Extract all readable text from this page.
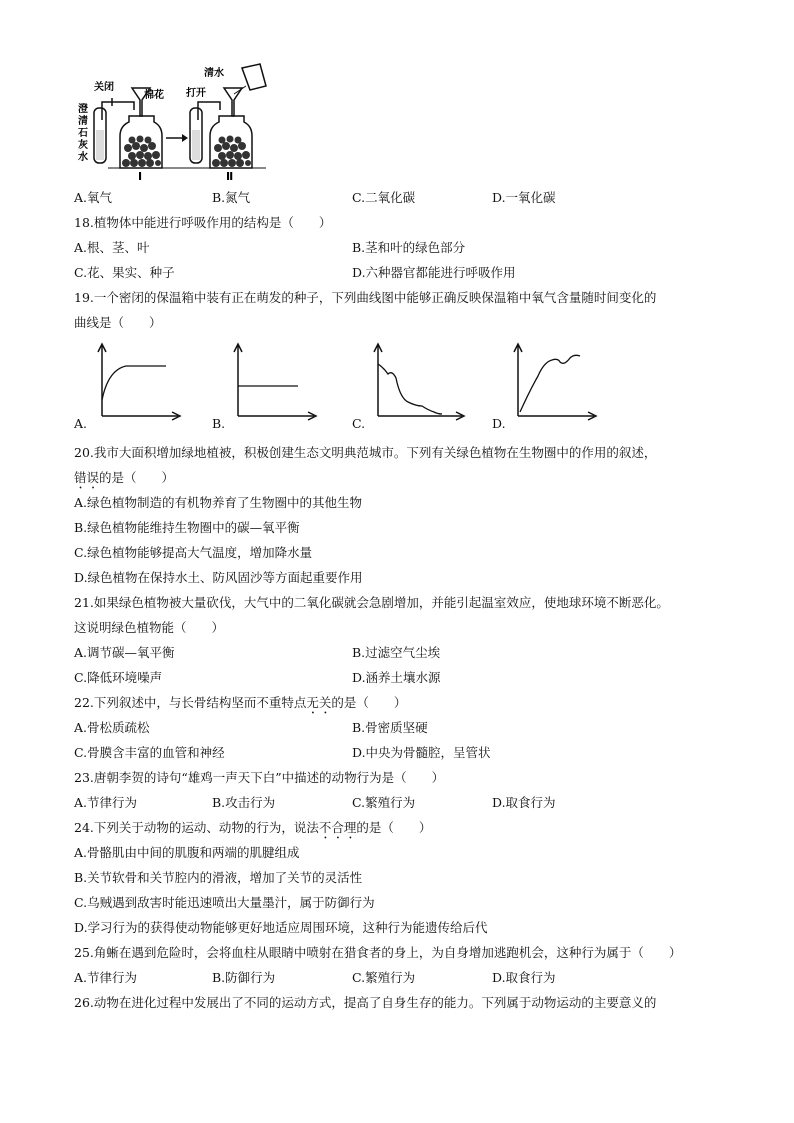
关闭
棉花
澄
清
石
灰
水
I
清水
打开
Ⅱ
A.氧气	B.氮气	C.二氧化碳	D.一氧化碳
18.植物体中能进行呼吸作用的结构是（　　）
A.根、茎、叶	B.茎和叶的绿色部分
C.花、果实、种子	D.六种器官都能进行呼吸作用
19.一个密闭的保温箱中装有正在萌发的种子，下列曲线图中能够正确反映保温箱中氧气含量随时间变化的
曲线是（　　）
A.	B.	C.	D.
20.我市大面积增加绿地植被，积极创建生态文明典范城市。下列有关绿色植物在生物圈中的作用的叙述，
错误的是（　　）
A.绿色植物制造的有机物养育了生物圈中的其他生物
B.绿色植物能维持生物圈中的碳—氧平衡
C.绿色植物能够提高大气温度，增加降水量
D.绿色植物在保持水土、防风固沙等方面起重要作用
21.如果绿色植物被大量砍伐，大气中的二氧化碳就会急剧增加，并能引起温室效应，使地球环境不断恶化。
这说明绿色植物能（　　）
A.调节碳—氧平衡	B.过滤空气尘埃
C.降低环境噪声	D.涵养土壤水源
22.下列叙述中，与长骨结构坚而不重特点无关的是（　　）
A.骨松质疏松	B.骨密质坚硬
C.骨膜含丰富的血管和神经	D.中央为骨髓腔，呈管状
23.唐朝李贺的诗句“雄鸡一声天下白”中描述的动物行为是（　　）
A.节律行为	B.攻击行为	C.繁殖行为	D.取食行为
24.下列关于动物的运动、动物的行为，说法不合理的是（　　）
A.骨骼肌由中间的肌腹和两端的肌腱组成
B.关节软骨和关节腔内的滑液，增加了关节的灵活性
C.乌贼遇到敌害时能迅速喷出大量墨汁，属于防御行为
D.学习行为的获得使动物能够更好地适应周围环境，这种行为能遗传给后代
25.角蜥在遇到危险时，会将血柱从眼睛中喷射在猎食者的身上，为自身增加逃跑机会，这种行为属于（　　）
A.节律行为	B.防御行为	C.繁殖行为	D.取食行为
26.动物在进化过程中发展出了不同的运动方式，提高了自身生存的能力。下列属于动物运动的主要意义的
